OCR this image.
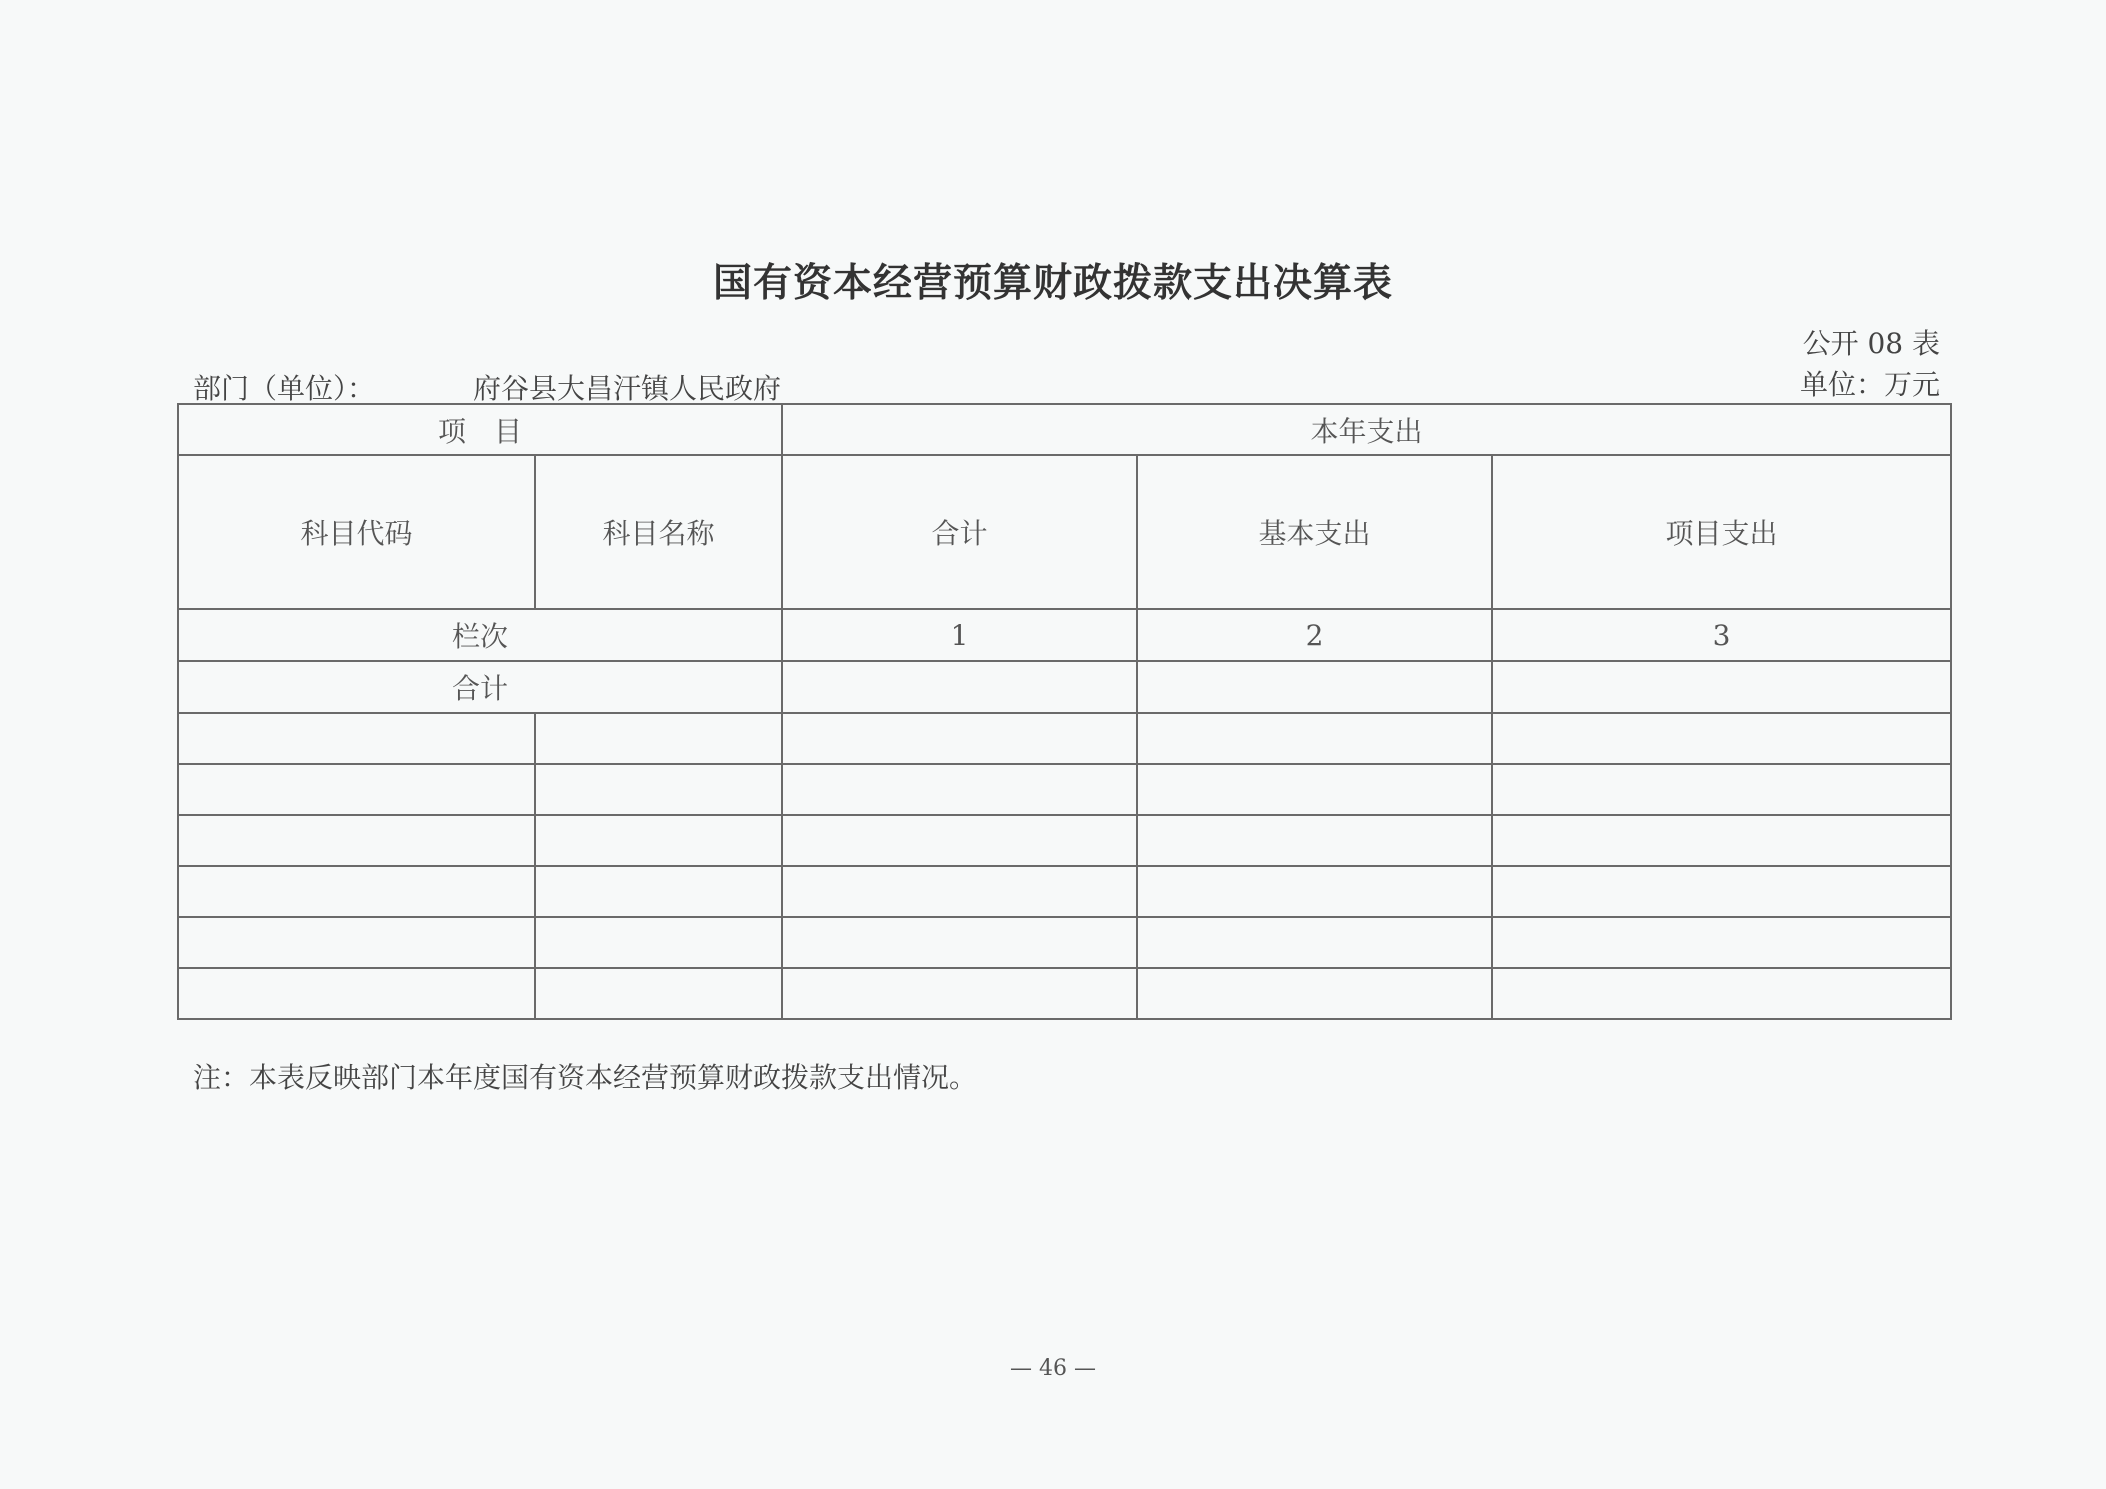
国有资本经营预算财政拨款支出决算表
公开 08 表
部门（单位）：	府谷县大昌汗镇人民政府	单位：万元
项　目		本年支出		
科目代码	科目名称	合计	基本支出	项目支出
栏次		1	2	3
合计				

注：本表反映部门本年度国有资本经营预算财政拨款支出情况。
— 46 —
